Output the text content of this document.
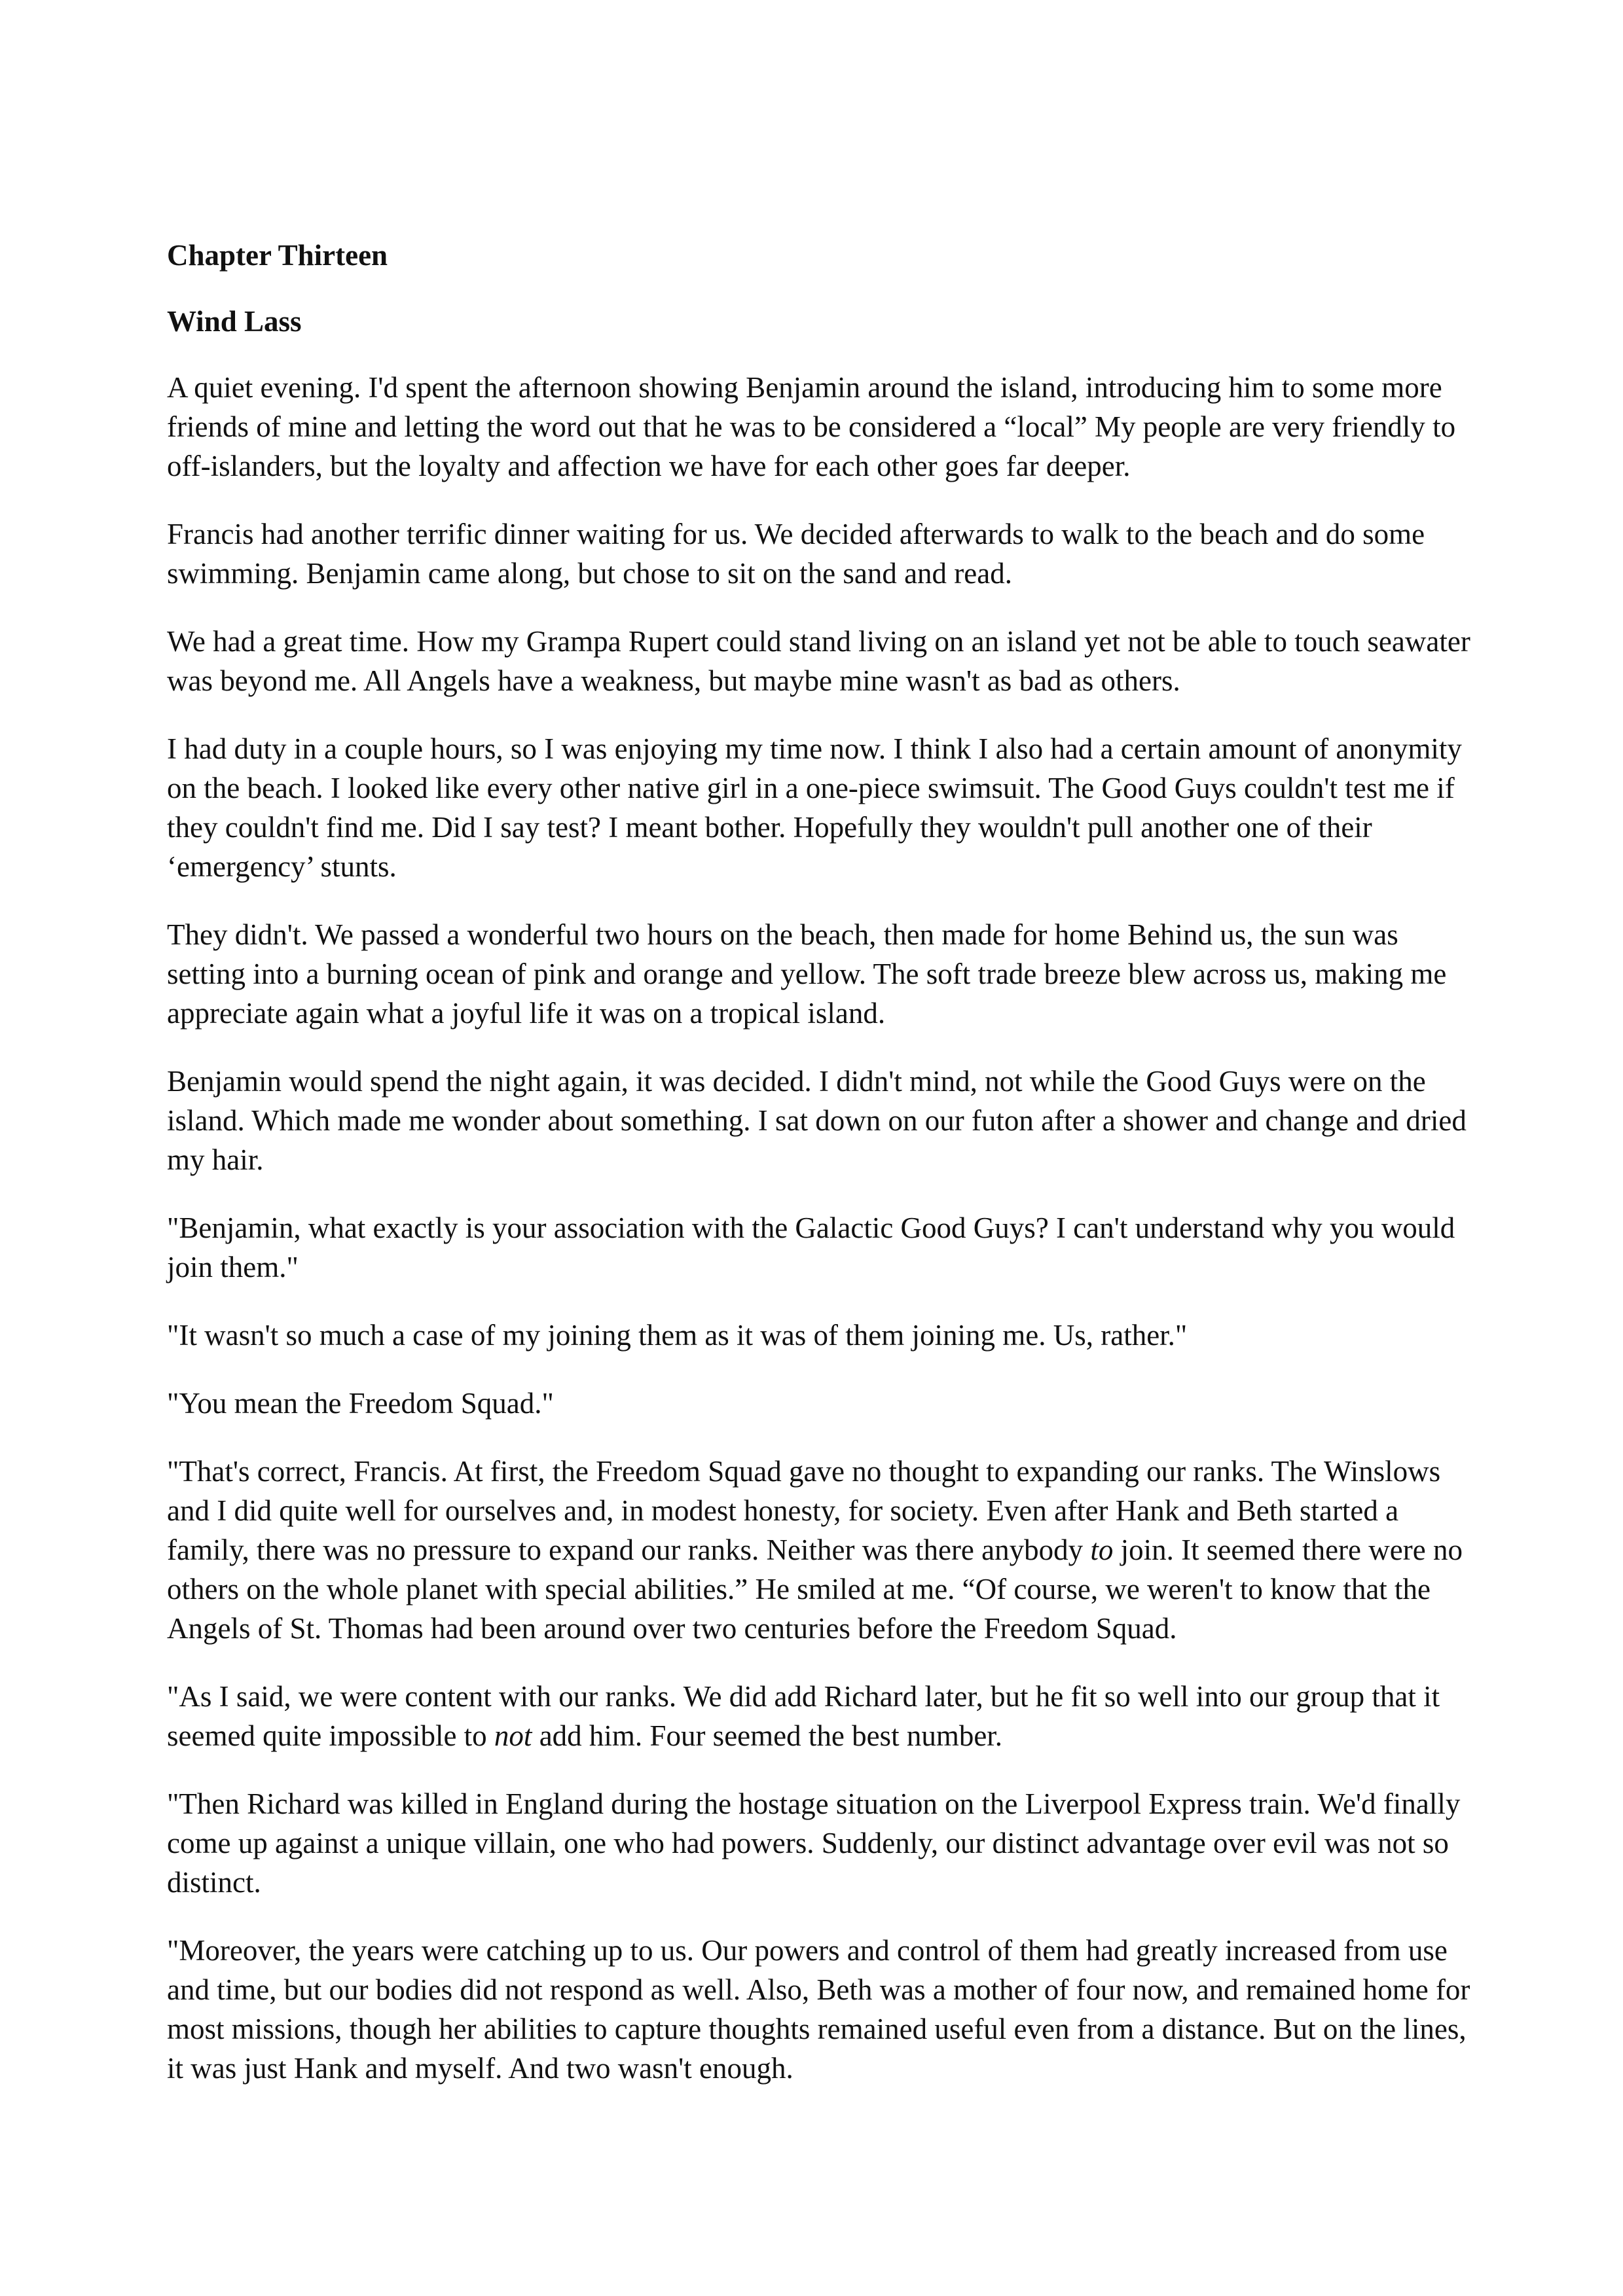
Chapter Thirteen
Wind Lass

A quiet evening. I'd spent the afternoon showing Benjamin around the island, introducing him to some more friends of mine and letting the word out that he was to be considered a “local” My people are very friendly to off-islanders, but the loyalty and affection we have for each other goes far deeper.

Francis had another terrific dinner waiting for us. We decided afterwards to walk to the beach and do some swimming. Benjamin came along, but chose to sit on the sand and read.

We had a great time. How my Grampa Rupert could stand living on an island yet not be able to touch seawater was beyond me. All Angels have a weakness, but maybe mine wasn't as bad as others.

I had duty in a couple hours, so I was enjoying my time now. I think I also had a certain amount of anonymity on the beach. I looked like every other native girl in a one-piece swimsuit. The Good Guys couldn't test me if they couldn't find me. Did I say test? I meant bother. Hopefully they wouldn't pull another one of their ‘emergency’ stunts.

They didn't. We passed a wonderful two hours on the beach, then made for home Behind us, the sun was setting into a burning ocean of pink and orange and yellow. The soft trade breeze blew across us, making me appreciate again what a joyful life it was on a tropical island.

Benjamin would spend the night again, it was decided. I didn't mind, not while the Good Guys were on the island. Which made me wonder about something. I sat down on our futon after a shower and change and dried my hair.

"Benjamin, what exactly is your association with the Galactic Good Guys? I can't understand why you would join them."

"It wasn't so much a case of my joining them as it was of them joining me. Us, rather."

"You mean the Freedom Squad."

"That's correct, Francis. At first, the Freedom Squad gave no thought to expanding our ranks. The Winslows and I did quite well for ourselves and, in modest honesty, for society. Even after Hank and Beth started a family, there was no pressure to expand our ranks. Neither was there anybody to join. It seemed there were no others on the whole planet with special abilities.” He smiled at me. “Of course, we weren't to know that the Angels of St. Thomas had been around over two centuries before the Freedom Squad.

"As I said, we were content with our ranks. We did add Richard later, but he fit so well into our group that it seemed quite impossible to not add him. Four seemed the best number.

"Then Richard was killed in England during the hostage situation on the Liverpool Express train. We'd finally come up against a unique villain, one who had powers. Suddenly, our distinct advantage over evil was not so distinct.

"Moreover, the years were catching up to us. Our powers and control of them had greatly increased from use and time, but our bodies did not respond as well. Also, Beth was a mother of four now, and remained home for most missions, though her abilities to capture thoughts remained useful even from a distance. But on the lines, it was just Hank and myself. And two wasn't enough.
